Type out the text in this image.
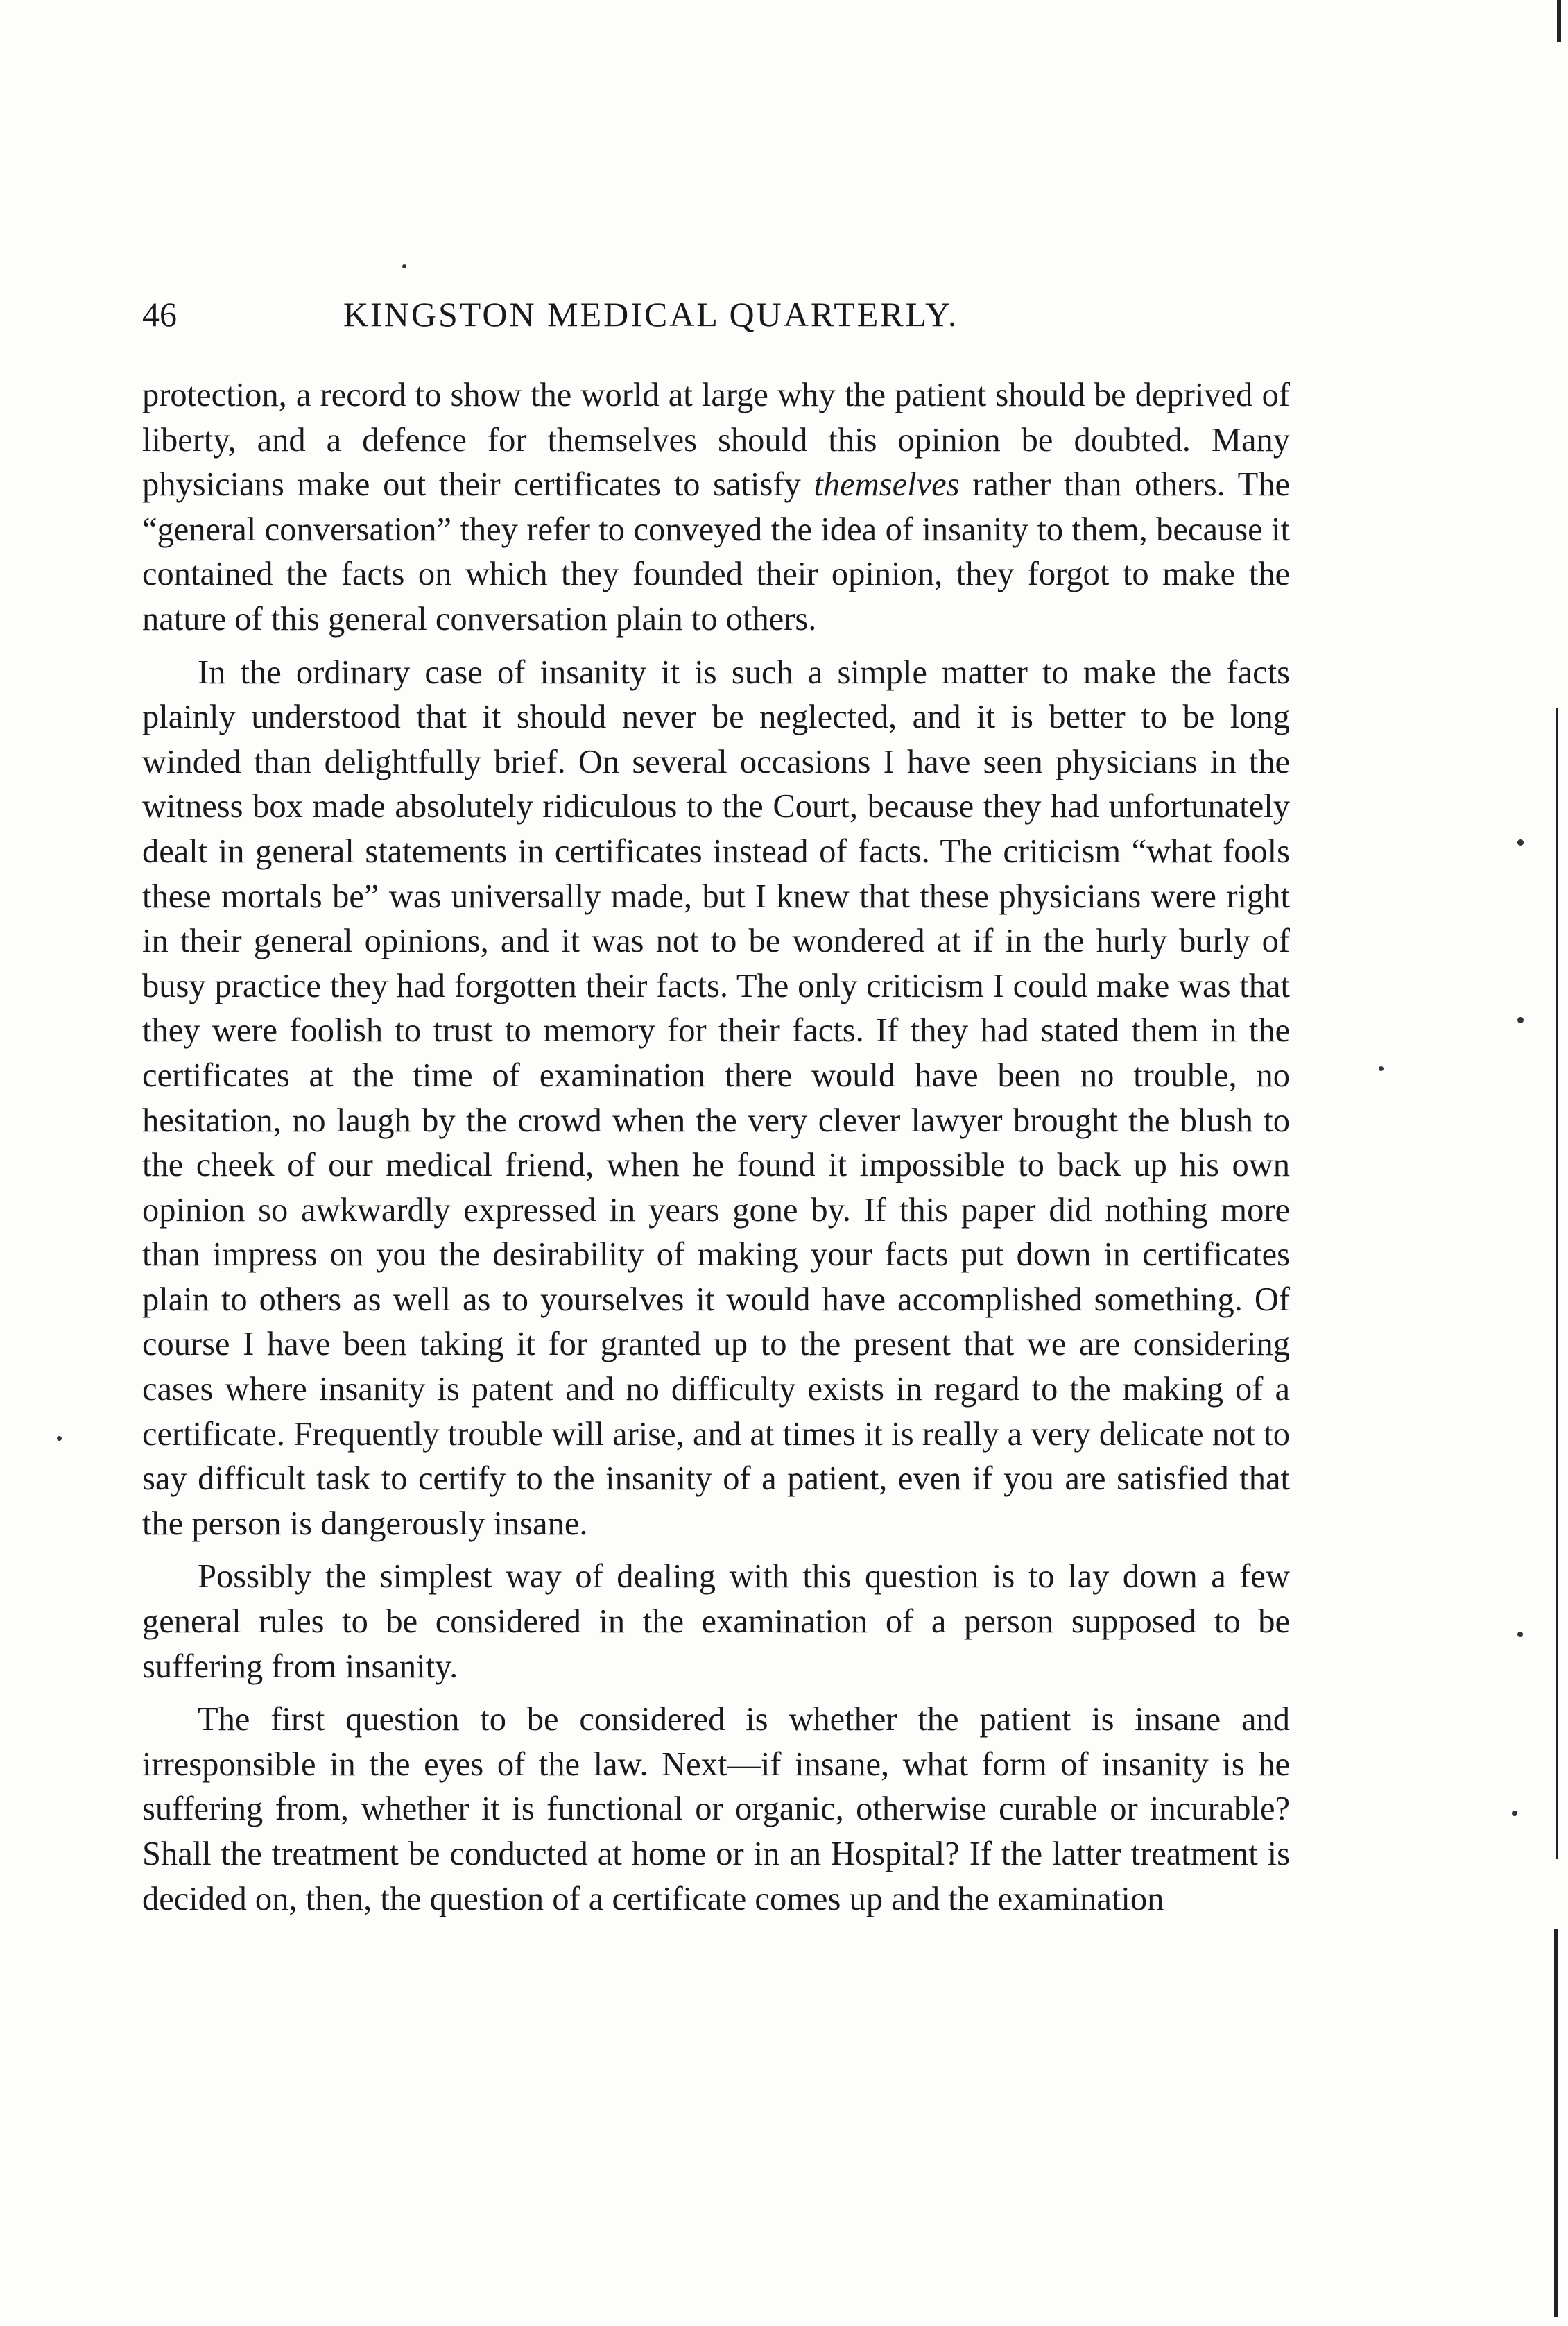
46	KINGSTON MEDICAL QUARTERLY.

protection, a record to show the world at large why the patient should be deprived of liberty, and a defence for themselves should this opinion be doubted. Many physicians make out their certificates to satisfy themselves rather than others. The “general conversation” they refer to conveyed the idea of insanity to them, because it contained the facts on which they founded their opinion, they forgot to make the nature of this general conversation plain to others.

In the ordinary case of insanity it is such a simple matter to make the facts plainly understood that it should never be neglected, and it is better to be long winded than delightfully brief. On several occasions I have seen physicians in the witness box made absolutely ridiculous to the Court, because they had unfortunately dealt in general statements in certificates instead of facts. The criticism “what fools these mortals be” was universally made, but I knew that these physicians were right in their general opinions, and it was not to be wondered at if in the hurly burly of busy practice they had forgotten their facts. The only criticism I could make was that they were foolish to trust to memory for their facts. If they had stated them in the certificates at the time of examination there would have been no trouble, no hesitation, no laugh by the crowd when the very clever lawyer brought the blush to the cheek of our medical friend, when he found it impossible to back up his own opinion so awkwardly expressed in years gone by. If this paper did nothing more than impress on you the desirability of making your facts put down in certificates plain to others as well as to yourselves it would have accomplished something. Of course I have been taking it for granted up to the present that we are considering cases where insanity is patent and no difficulty exists in regard to the making of a certificate. Frequently trouble will arise, and at times it is really a very delicate not to say difficult task to certify to the insanity of a patient, even if you are satisfied that the person is dangerously insane.

Possibly the simplest way of dealing with this question is to lay down a few general rules to be considered in the examination of a person supposed to be suffering from insanity.

The first question to be considered is whether the patient is insane and irresponsible in the eyes of the law. Next—if insane, what form of insanity is he suffering from, whether it is functional or organic, otherwise curable or incurable? Shall the treatment be conducted at home or in an Hospital? If the latter treatment is decided on, then, the question of a certificate comes up and the examination
